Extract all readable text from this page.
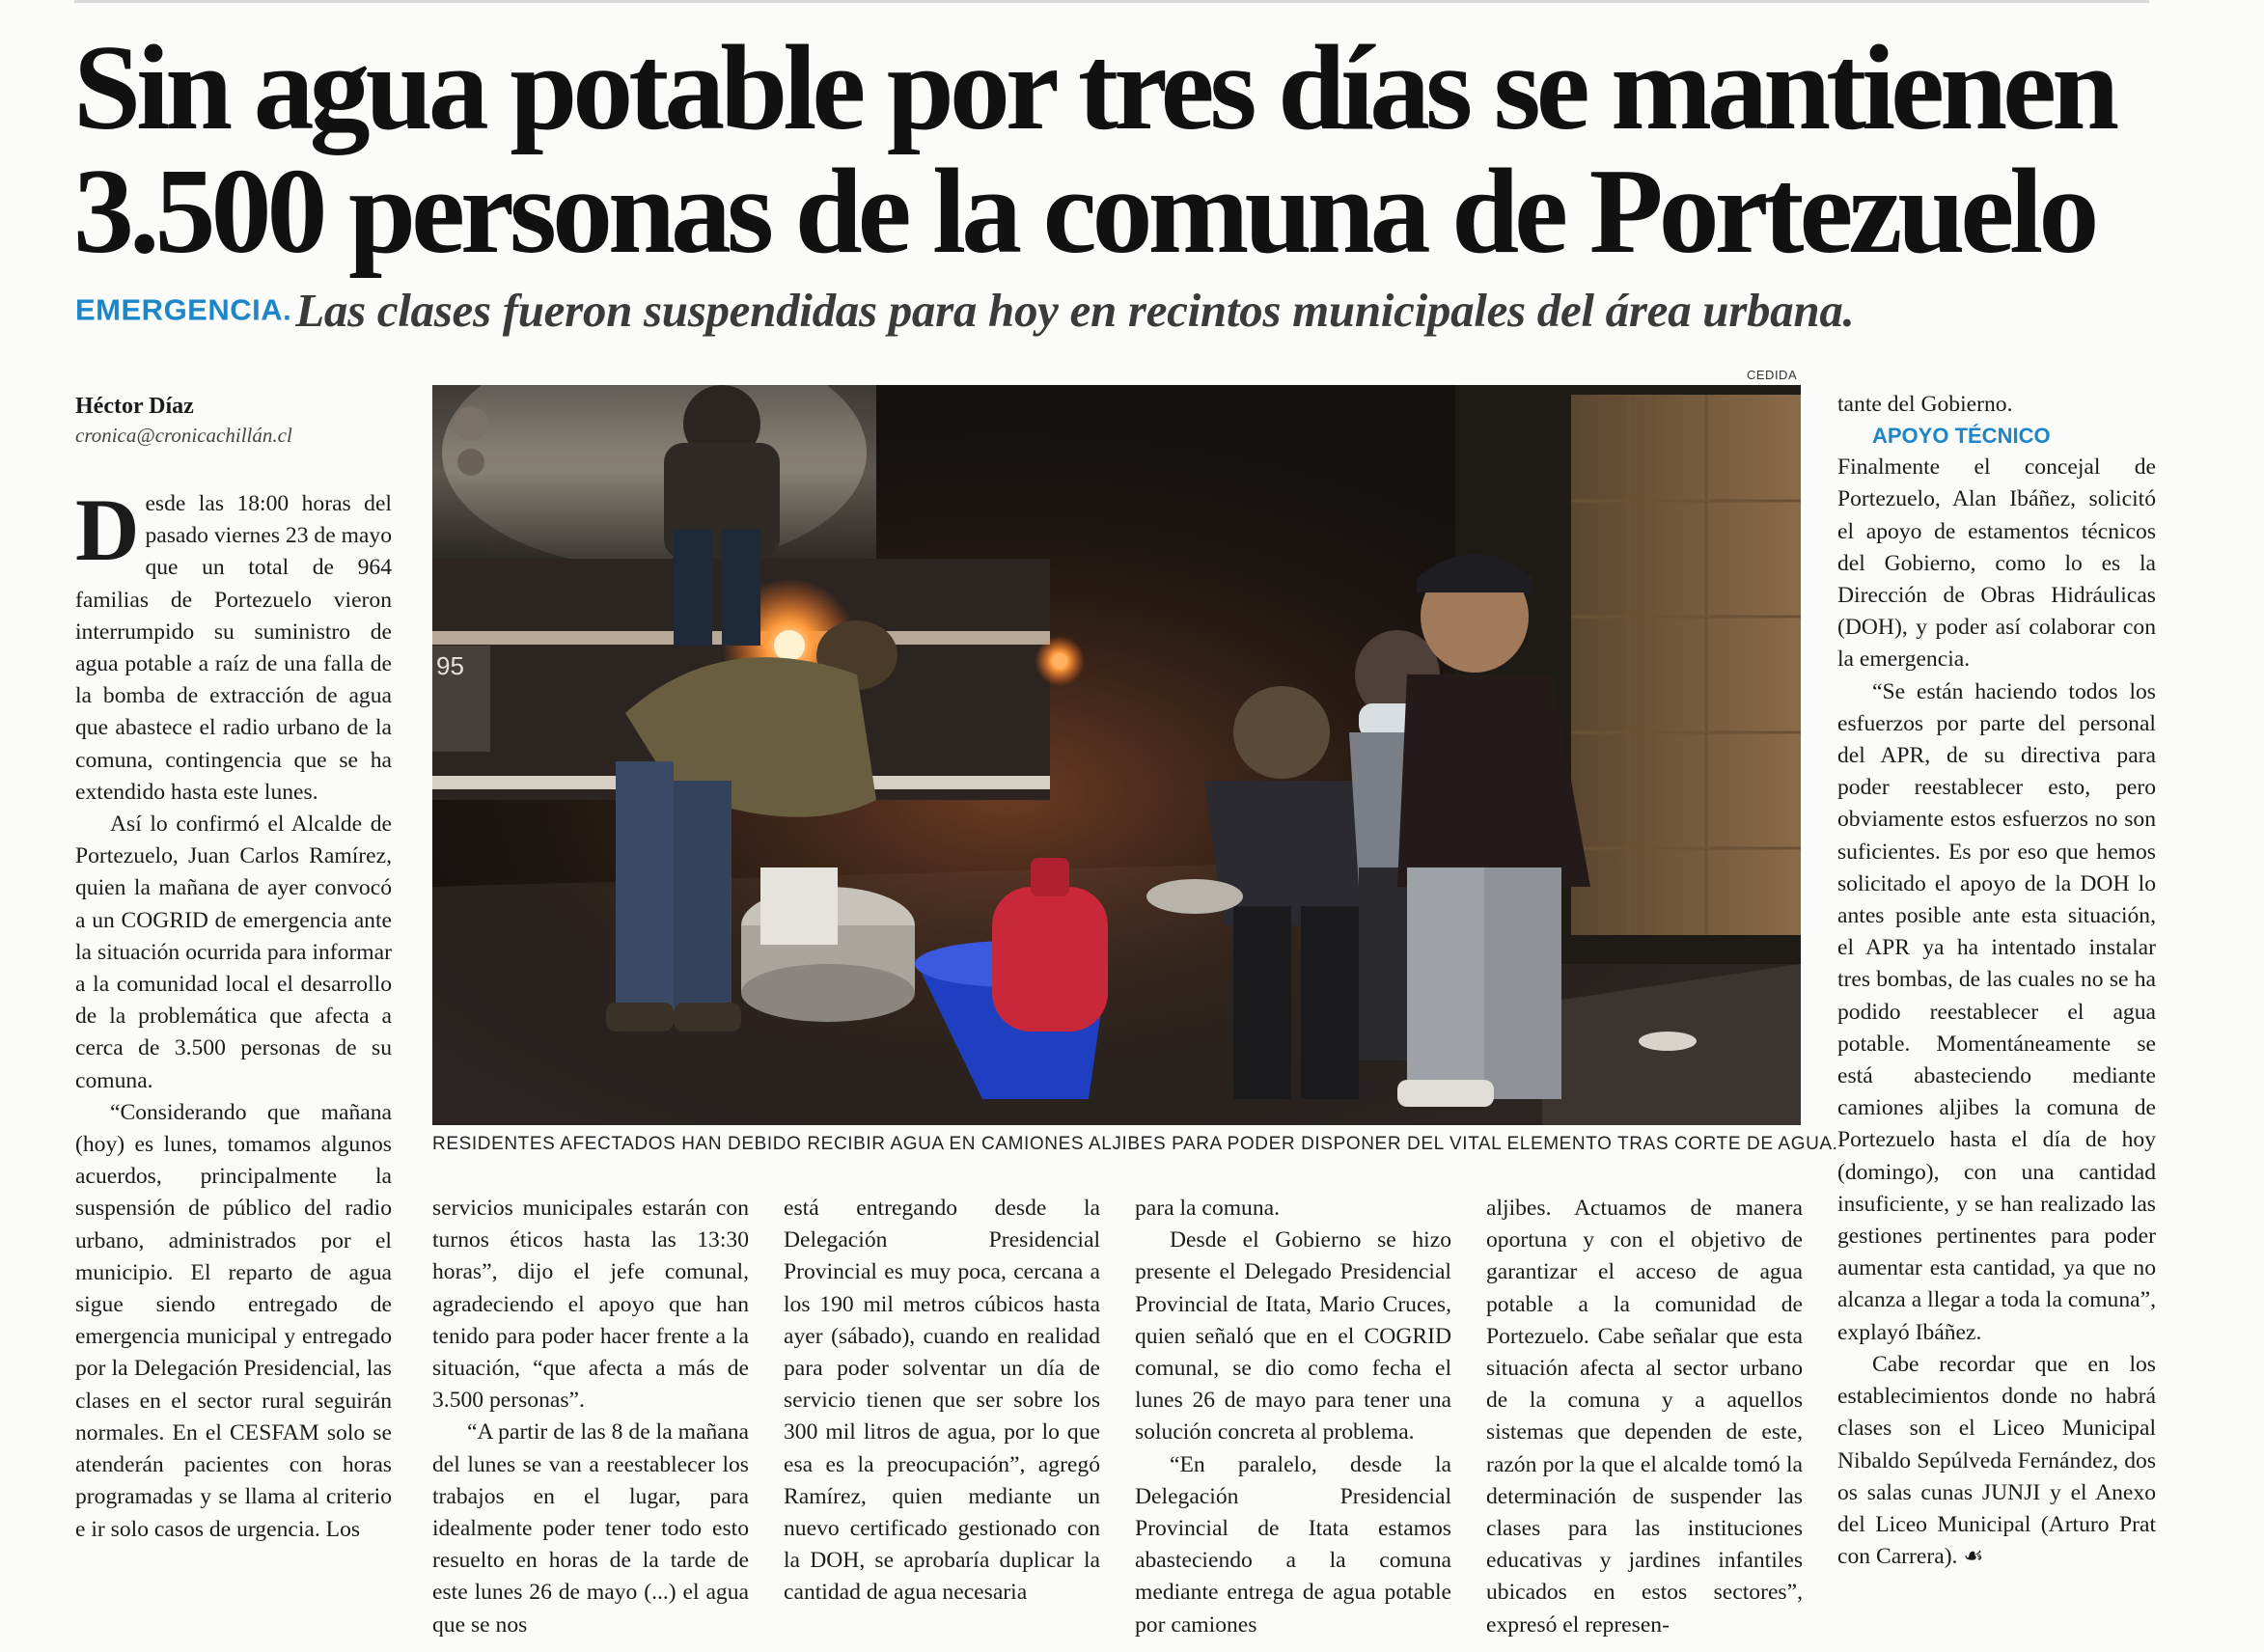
Sin agua potable por tres días se mantienen
3.500 personas de la comuna de Portezuelo
EMERGENCIA. Las clases fueron suspendidas para hoy en recintos municipales del área urbana.
Héctor Díaz
cronica@cronicachillán.cl

Desde las 18:00 horas del pasado viernes 23 de mayo que un total de 964 familias de Portezuelo vieron interrumpido su suministro de agua potable a raíz de una falla de la bomba de extracción de agua que abastece el radio urbano de la comuna, contingencia que se ha extendido hasta este lunes.

Así lo confirmó el Alcalde de Portezuelo, Juan Carlos Ramírez, quien la mañana de ayer convocó a un COGRID de emergencia ante la situación ocurrida para informar a la comunidad local el desarrollo de la problemática que afecta a cerca de 3.500 personas de su comuna.

“Considerando que mañana (hoy) es lunes, tomamos algunos acuerdos, principalmente la suspensión de público del radio urbano, administrados por el municipio. El reparto de agua sigue siendo entregado de emergencia municipal y entregado por la Delegación Presidencial, las clases en el sector rural seguirán normales. En el CESFAM solo se atenderán pacientes con horas programadas y se llama al criterio e ir solo casos de urgencia. Los

CEDIDA
95
RESIDENTES AFECTADOS HAN DEBIDO RECIBIR AGUA EN CAMIONES ALJIBES PARA PODER DISPONER DEL VITAL ELEMENTO TRAS CORTE DE AGUA.

servicios municipales estarán con turnos éticos hasta las 13:30 horas”, dijo el jefe comunal, agradeciendo el apoyo que han tenido para poder hacer frente a la situación, “que afecta a más de 3.500 personas”.

“A partir de las 8 de la mañana del lunes se van a reestablecer los trabajos en el lugar, para idealmente poder tener todo esto resuelto en horas de la tarde de este lunes 26 de mayo (...) el agua que se nos

está entregando desde la Delegación Presidencial Provincial es muy poca, cercana a los 190 mil metros cúbicos hasta ayer (sábado), cuando en realidad para poder solventar un día de servicio tienen que ser sobre los 300 mil litros de agua, por lo que esa es la preocupación”, agregó Ramírez, quien mediante un nuevo certificado gestionado con la DOH, se aprobaría duplicar la cantidad de agua necesaria

para la comuna.

Desde el Gobierno se hizo presente el Delegado Presidencial Provincial de Itata, Mario Cruces, quien señaló que en el COGRID comunal, se dio como fecha el lunes 26 de mayo para tener una solución concreta al problema.

“En paralelo, desde la Delegación Presidencial Provincial de Itata estamos abasteciendo a la comuna mediante entrega de agua potable por camiones

aljibes. Actuamos de manera oportuna y con el objetivo de garantizar el acceso de agua potable a la comunidad de Portezuelo. Cabe señalar que esta situación afecta al sector urbano de la comuna y a aquellos sistemas que dependen de este, razón por la que el alcalde tomó la determinación de suspender las clases para las instituciones educativas y jardines infantiles ubicados en estos sectores”, expresó el represen-

tante del Gobierno.

APOYO TÉCNICO

Finalmente el concejal de Portezuelo, Alan Ibáñez, solicitó el apoyo de estamentos técnicos del Gobierno, como lo es la Dirección de Obras Hidráulicas (DOH), y poder así colaborar con la emergencia.

“Se están haciendo todos los esfuerzos por parte del personal del APR, de su directiva para poder reestablecer esto, pero obviamente estos esfuerzos no son suficientes. Es por eso que hemos solicitado el apoyo de la DOH lo antes posible ante esta situación, el APR ya ha intentado instalar tres bombas, de las cuales no se ha podido reestablecer el agua potable. Momentáneamente se está abasteciendo mediante camiones aljibes la comuna de Portezuelo hasta el día de hoy (domingo), con una cantidad insuficiente, y se han realizado las gestiones pertinentes para poder aumentar esta cantidad, ya que no alcanza a llegar a toda la comuna”, explayó Ibáñez.

Cabe recordar que en los establecimientos donde no habrá clases son el Liceo Municipal Nibaldo Sepúlveda Fernández, dos os salas cunas JUNJI y el Anexo del Liceo Municipal (Arturo Prat con Carrera). ☙
